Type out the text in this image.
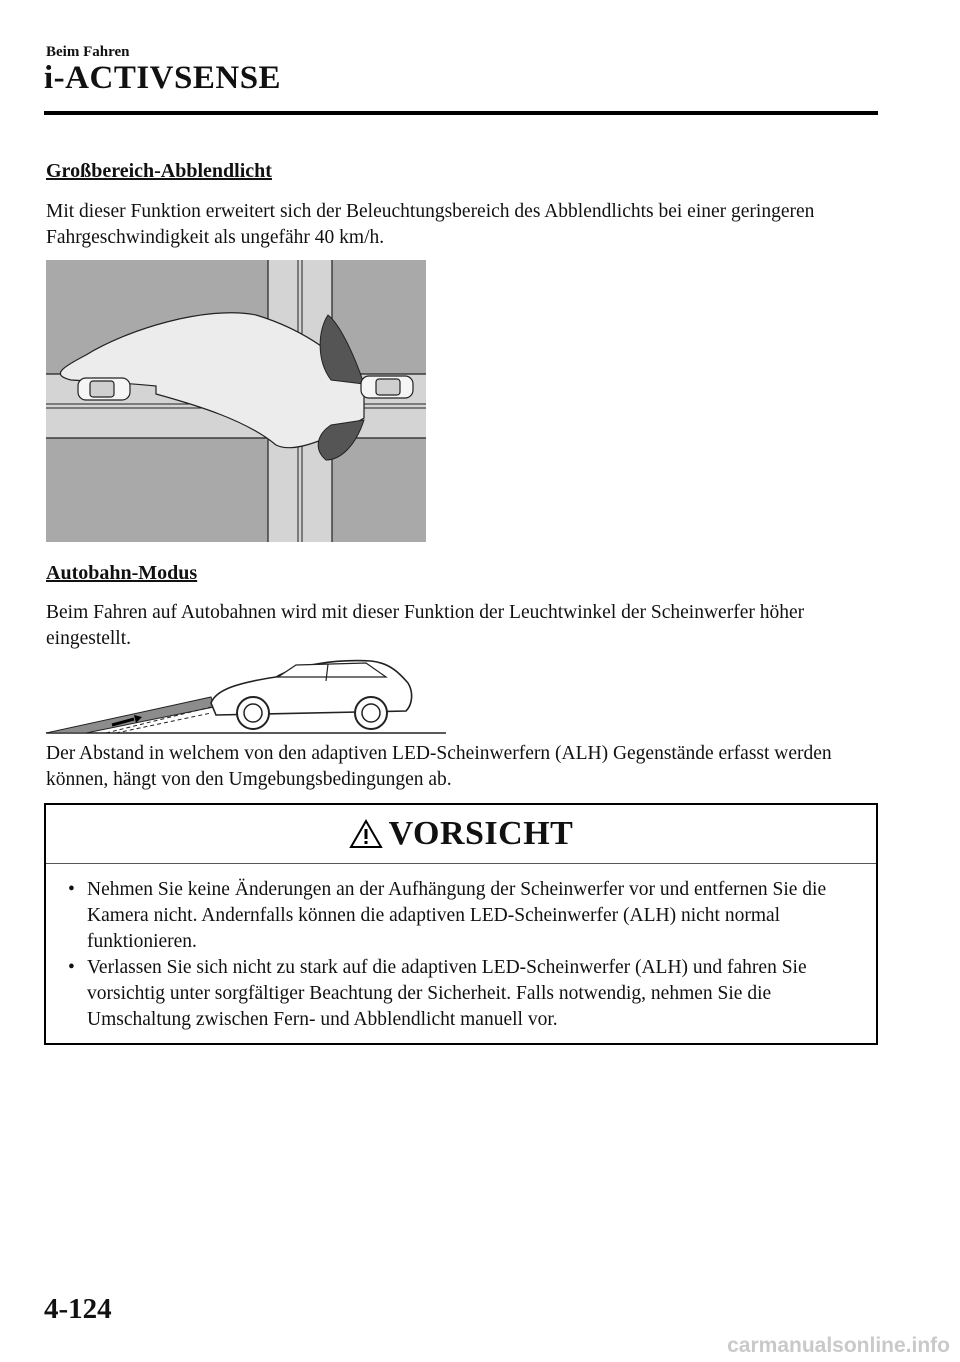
Beim Fahren
i-ACTIVSENSE
Großbereich-Abblendlicht
Mit dieser Funktion erweitert sich der Beleuchtungsbereich des Abblendlichts bei einer geringeren Fahrgeschwindigkeit als ungefähr 40 km/h.
Autobahn-Modus
Beim Fahren auf Autobahnen wird mit dieser Funktion der Leuchtwinkel der Scheinwerfer höher eingestellt.
Der Abstand in welchem von den adaptiven LED-Scheinwerfern (ALH) Gegenstände erfasst werden können, hängt von den Umgebungsbedingungen ab.
VORSICHT

• Nehmen Sie keine Änderungen an der Aufhängung der Scheinwerfer vor und entfernen Sie die Kamera nicht. Andernfalls können die adaptiven LED-Scheinwerfer (ALH) nicht normal funktionieren.

• Verlassen Sie sich nicht zu stark auf die adaptiven LED-Scheinwerfer (ALH) und fahren Sie vorsichtig unter sorgfältiger Beachtung der Sicherheit. Falls notwendig, nehmen Sie die Umschaltung zwischen Fern- und Abblendlicht manuell vor.

4-124
carmanualsonline.info
